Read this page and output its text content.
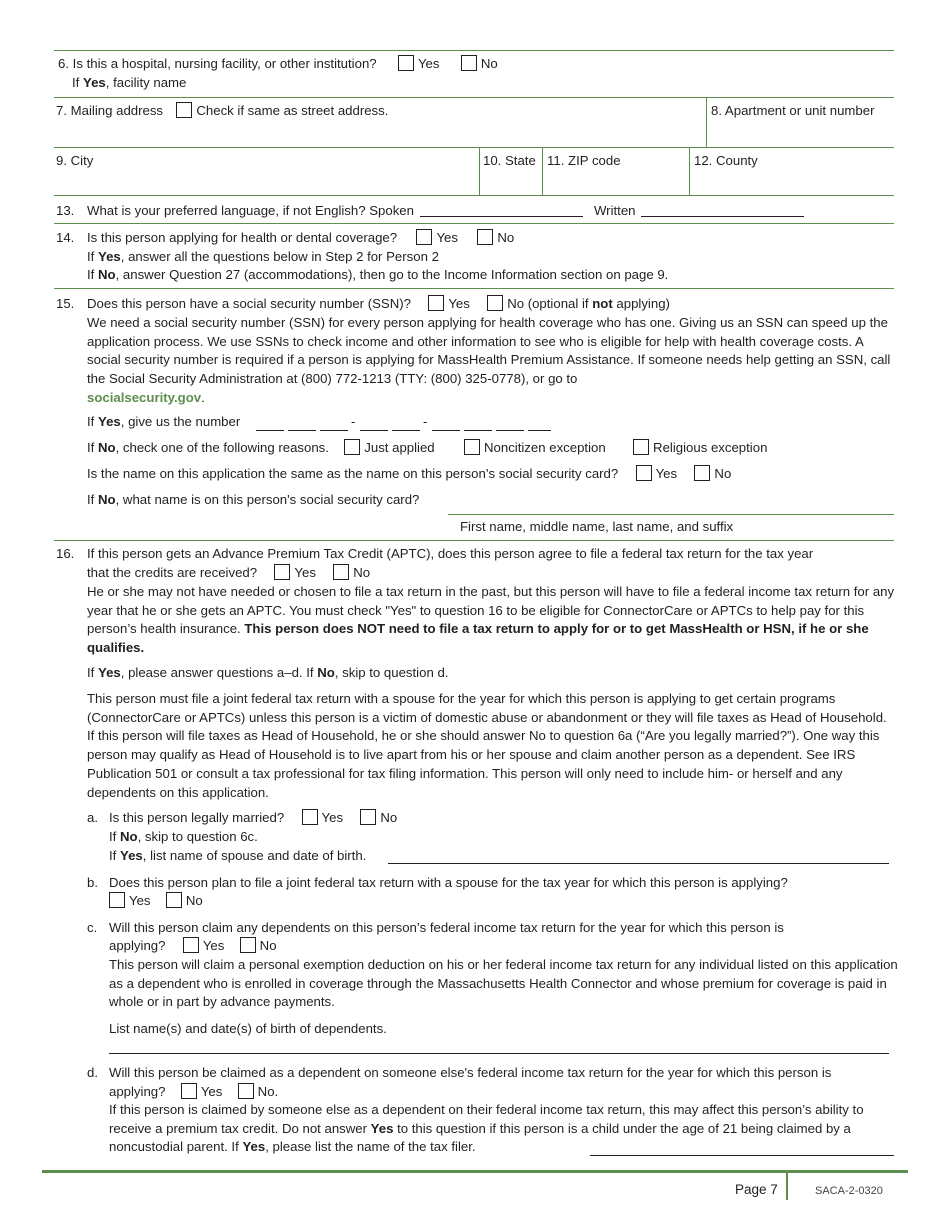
6. Is this a hospital, nursing facility, or other institution?	Yes	No
If Yes, facility name
7. Mailing address	Check if same as street address.	8. Apartment or unit number
9. City	10. State 11. ZIP code	12. County
13. What is your preferred language, if not English? Spoken	Written
14. Is this person applying for health or dental coverage?	Yes	No
If Yes, answer all the questions below in Step 2 for Person 2
If No, answer Question 27 (accommodations), then go to the Income Information section on page 9.
15. Does this person have a social security number (SSN)?	Yes	No (optional if not applying)
We need a social security number (SSN) for every person applying for health coverage who has one. Giving us an SSN can speed up the application process. We use SSNs to check income and other information to see who is eligible for help with health coverage costs. A social security number is required if a person is applying for MassHealth Premium Assistance. If someone needs help getting an SSN, call the Social Security Administration at (800) 772-1213 (TTY: (800) 325-0778), or go to
socialsecurity.gov.
If Yes, give us the number	-	-
If No, check one of the following reasons.	Just applied	Noncitizen exception	Religious exception
Is the name on this application the same as the name on this person’s social security card?	Yes	No
If No, what name is on this person's social security card?
First name, middle name, last name, and suffix
16. If this person gets an Advance Premium Tax Credit (APTC), does this person agree to file a federal tax return for the tax year
that the credits are received?	Yes	No
He or she may not have needed or chosen to file a tax return in the past, but this person will have to file a federal income tax return for any year that he or she gets an APTC. You must check "Yes" to question 16 to be eligible for ConnectorCare or APTCs to help pay for this person’s health insurance. This person does NOT need to file a tax return to apply for or to get MassHealth or HSN, if he or she qualifies.
If Yes, please answer questions a–d. If No, skip to question d.
This person must file a joint federal tax return with a spouse for the year for which this person is applying to get certain programs (ConnectorCare or APTCs) unless this person is a victim of domestic abuse or abandonment or they will file taxes as Head of Household. If this person will file taxes as Head of Household, he or she should answer No to question 6a (“Are you legally married?”). One way this person may qualify as Head of Household is to live apart from his or her spouse and claim another person as a dependent. See IRS Publication 501 or consult a tax professional for tax filing information. This person will only need to include him- or herself and any dependents on this application.
a. Is this person legally married?	Yes	No
If No, skip to question 6c.
If Yes, list name of spouse and date of birth.
b. Does this person plan to file a joint federal tax return with a spouse for the tax year for which this person is applying?
Yes	No
c. Will this person claim any dependents on this person’s federal income tax return for the year for which this person is
applying?	Yes	No
This person will claim a personal exemption deduction on his or her federal income tax return for any individual listed on this application as a dependent who is enrolled in coverage through the Massachusetts Health Connector and whose premium for coverage is paid in whole or in part by advance payments.
List name(s) and date(s) of birth of dependents.
d. Will this person be claimed as a dependent on someone else's federal income tax return for the year for which this person is
applying?	Yes	No.
If this person is claimed by someone else as a dependent on their federal income tax return, this may affect this person’s ability to receive a premium tax credit. Do not answer Yes to this question if this person is a child under the age of 21 being claimed by a noncustodial parent. If Yes, please list the name of the tax filer.
Page 7	SACA-2-0320
